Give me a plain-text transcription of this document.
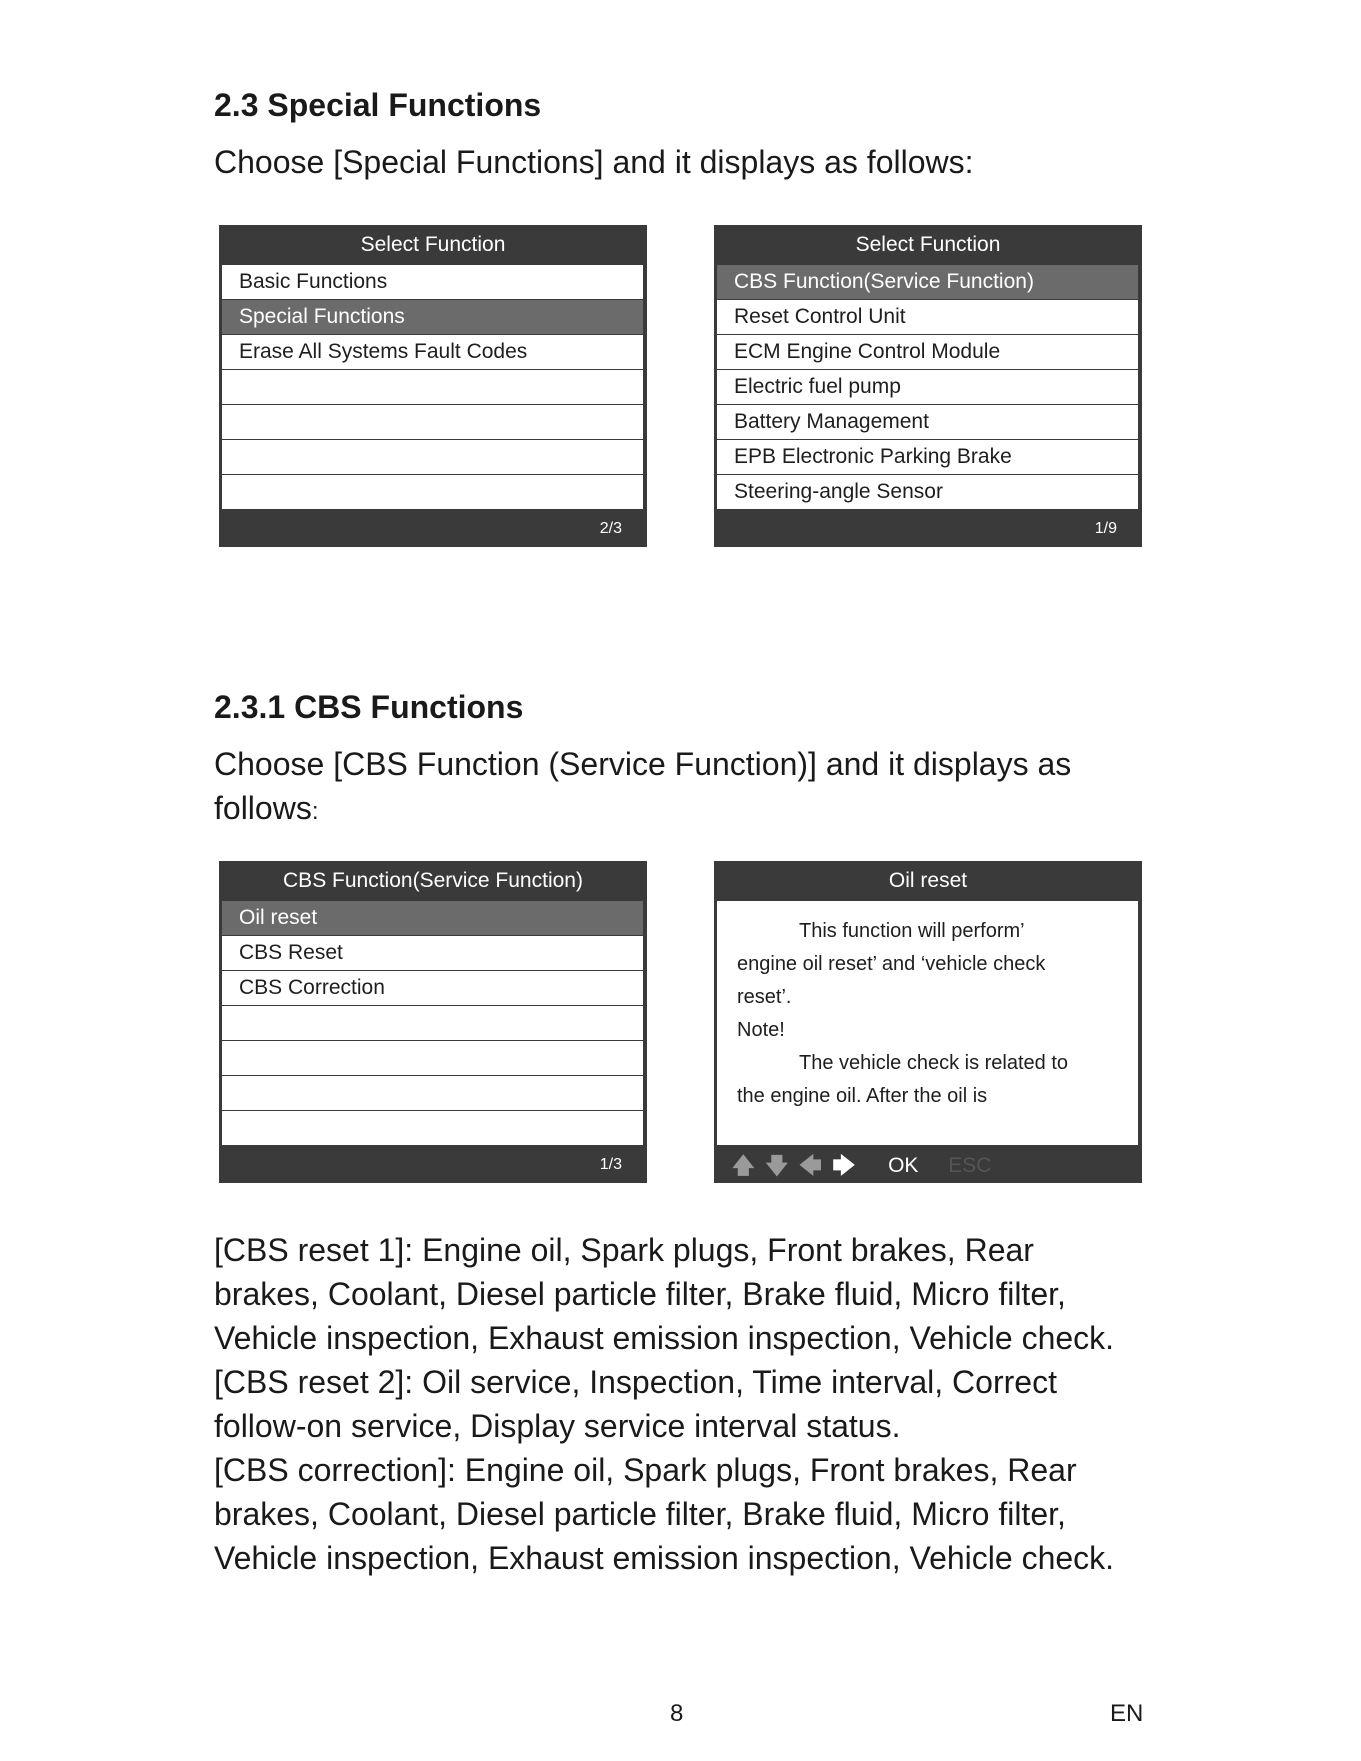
2.3 Special Functions

Choose [Special Functions] and it displays as follows:

Select Function
Basic Functions
Special Functions
Erase All Systems Fault Codes
2/3
Select Function
CBS Function(Service Function)
Reset Control Unit
ECM Engine Control Module
Electric fuel pump
Battery Management
EPB Electronic Parking Brake
Steering-angle Sensor
1/9
2.3.1 CBS Functions

Choose [CBS Function (Service Function)] and it displays as
follows:

CBS Function(Service Function)
Oil reset
CBS Reset
CBS Correction
1/3
Oil reset

This function will perform’

engine oil reset’ and ‘vehicle check

reset’.

Note!

The vehicle check is related to

the engine oil. After the oil is

🡅 🡇 🡄 🡆 OK ESC
[CBS reset 1]: Engine oil, Spark plugs, Front brakes, Rear
brakes, Coolant, Diesel particle filter, Brake fluid, Micro filter,
Vehicle inspection, Exhaust emission inspection, Vehicle check.
[CBS reset 2]: Oil service, Inspection, Time interval, Correct
follow-on service, Display service interval status.
[CBS correction]: Engine oil, Spark plugs, Front brakes, Rear
brakes, Coolant, Diesel particle filter, Brake fluid, Micro filter,
Vehicle inspection, Exhaust emission inspection, Vehicle check.
8	EN
